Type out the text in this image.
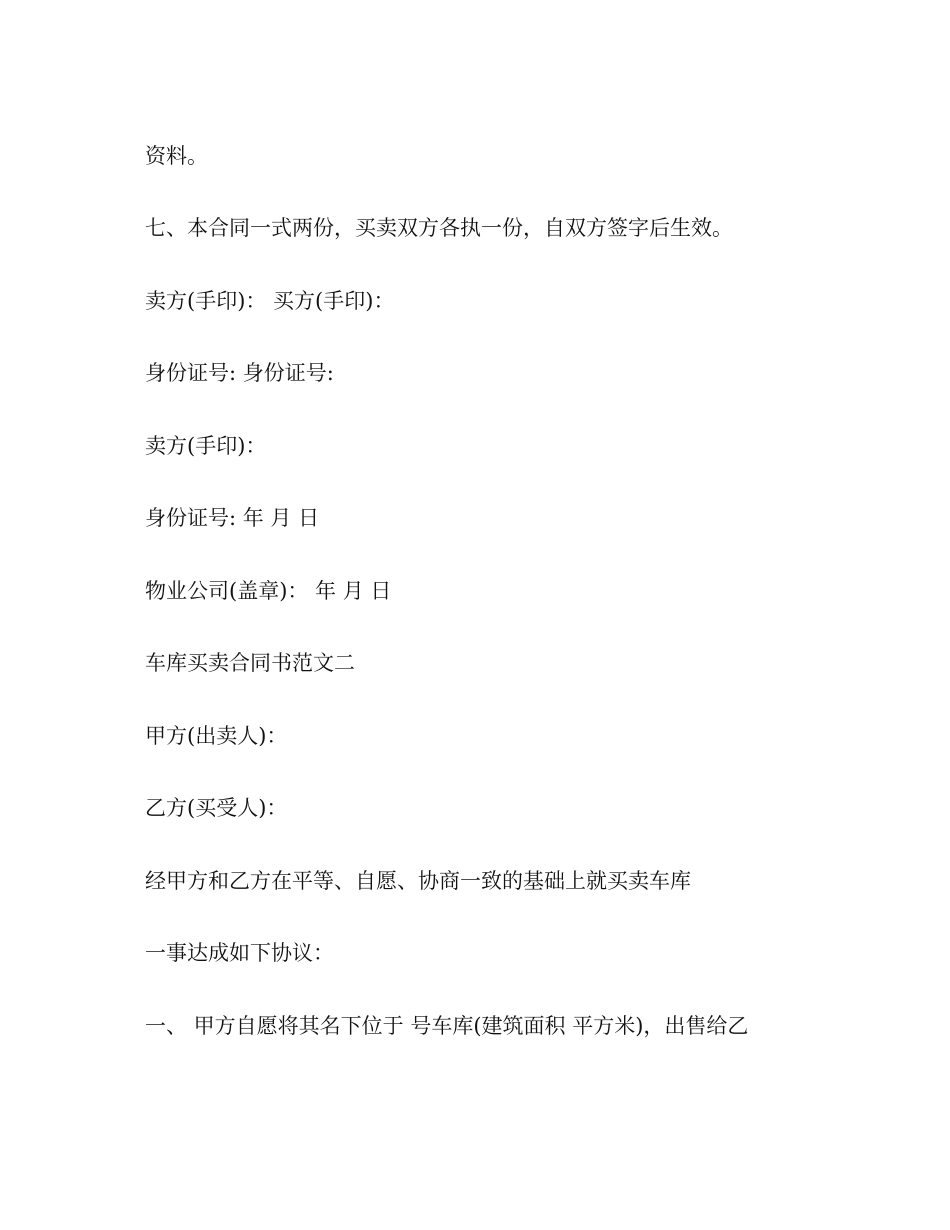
资料。
七、本合同一式两份，买卖双方各执一份，自双方签字后生效。
卖方(手印)： 买方(手印)：
身份证号: 身份证号:
卖方(手印)：
身份证号: 年 月 日
物业公司(盖章)： 年 月 日
车库买卖合同书范文二
甲方(出卖人)：
乙方(买受人)：
经甲方和乙方在平等、自愿、协商一致的基础上就买卖车库
一事达成如下协议：
一、 甲方自愿将其名下位于 号车库(建筑面积 平方米)，出售给乙
